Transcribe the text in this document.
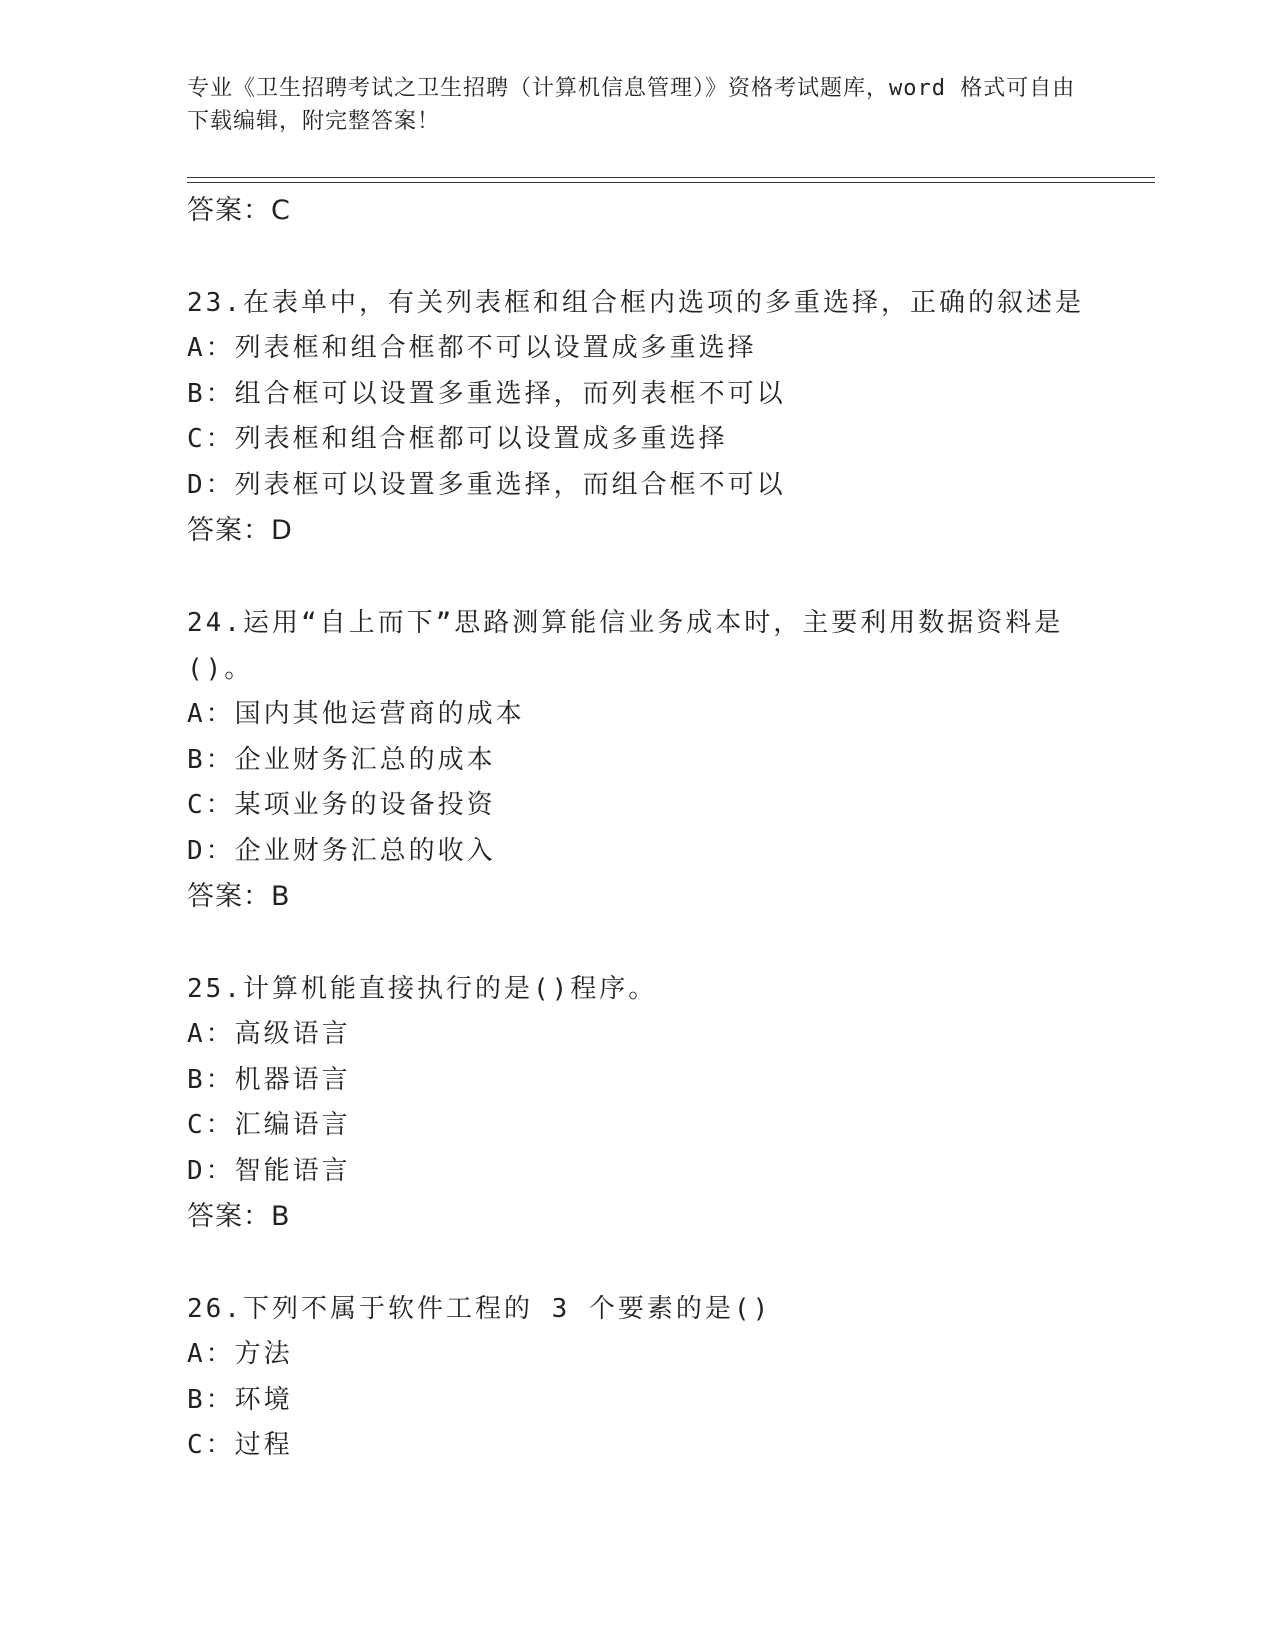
专业《卫生招聘考试之卫生招聘（计算机信息管理）》资格考试题库，word 格式可自由下载编辑，附完整答案！
答案：C
23.在表单中，有关列表框和组合框内选项的多重选择，正确的叙述是
A：列表框和组合框都不可以设置成多重选择
B：组合框可以设置多重选择，而列表框不可以
C：列表框和组合框都可以设置成多重选择
D：列表框可以设置多重选择，而组合框不可以
答案：D
24.运用“自上而下”思路测算能信业务成本时，主要利用数据资料是()。
A：国内其他运营商的成本
B：企业财务汇总的成本
C：某项业务的设备投资
D：企业财务汇总的收入
答案：B
25.计算机能直接执行的是()程序。
A：高级语言
B：机器语言
C：汇编语言
D：智能语言
答案：B
26.下列不属于软件工程的 3 个要素的是()
A：方法
B：环境
C：过程
